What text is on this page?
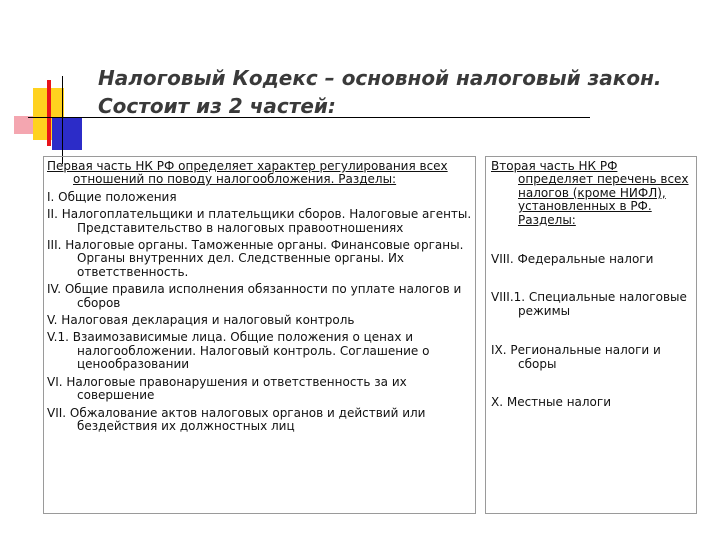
Налоговый Кодекс – основной налоговый закон. Состоит из 2 частей:

Первая часть НК РФ определяет характер регулирования всех отношений по поводу налогообложения. Разделы:

I. Общие положения

II. Налогоплательщики и плательщики сборов. Налоговые агенты. Представительство в налоговых правоотношениях

III. Налоговые органы. Таможенные органы. Финансовые органы. Органы внутренних дел. Следственные органы. Их ответственность.

IV. Общие правила исполнения обязанности по уплате налогов и сборов

V. Налоговая декларация и налоговый контроль

V.1. Взаимозависимые лица. Общие положения о ценах и налогообложении. Налоговый контроль. Соглашение о ценообразовании

VI. Налоговые правонарушения и ответственность за их совершение

VII. Обжалование актов налоговых органов и действий или бездействия их должностных лиц

Вторая часть НК РФ определяет перечень всех налогов (кроме НИФЛ), установленных в РФ. Разделы:

VIII. Федеральные налоги

VIII.1. Специальные налоговые режимы

IX. Региональные налоги и сборы

X. Местные налоги
